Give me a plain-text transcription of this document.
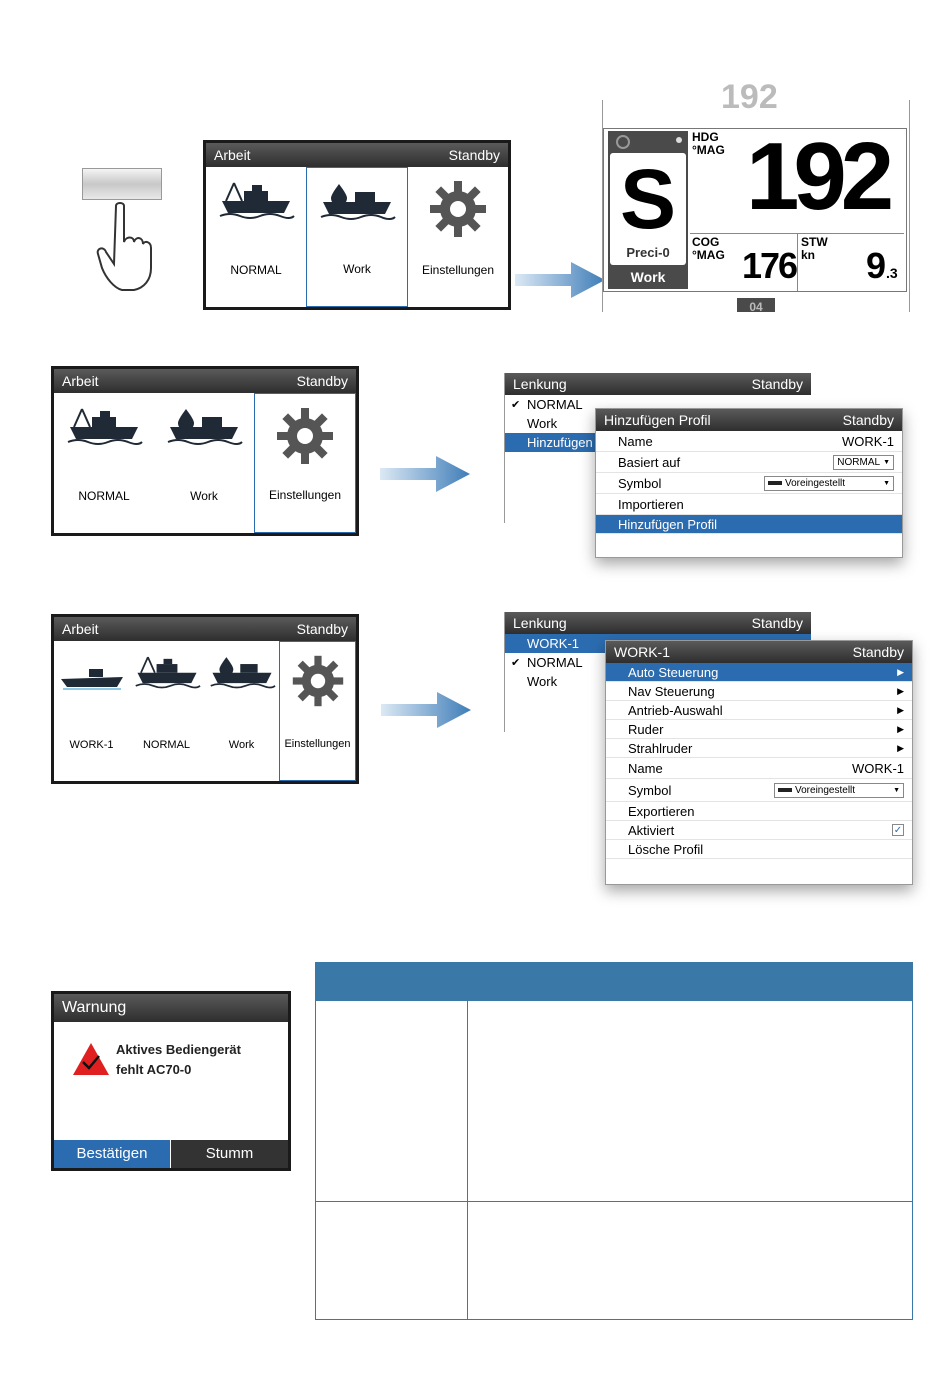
Arbeit	Standby
NORMAL	Work	Einstellungen
192
S
Preci-0
Work
HDG
°MAG 192
COG
°MAG 176
STW
kn	9.3
04
Arbeit	Standby
NORMAL	Work	Einstellungen
Lenkung	Standby
✔ NORMAL
Work
Hinzufügen
Hinzufügen Profil	Standby
Name	WORK-1
Basiert auf	NORMAL ▼
Symbol	Voreingestellt	▼
Importieren
Hinzufügen Profil
Arbeit	Standby
WORK-1	NORMAL	Work	Einstellungen
Lenkung	Standby
WORK-1
✔ NORMAL
Work
WORK-1	Standby
Auto Steuerung	▶
Nav Steuerung	▶
Antrieb-Auswahl	▶
Ruder	▶
Strahlruder	▶
Name	WORK-1
Symbol	Voreingestellt	▼
Exportieren
Aktiviert	✓
Lösche Profil
Warnung
Aktives Bediengerät
fehlt AC70-0
Bestätigen	Stumm
